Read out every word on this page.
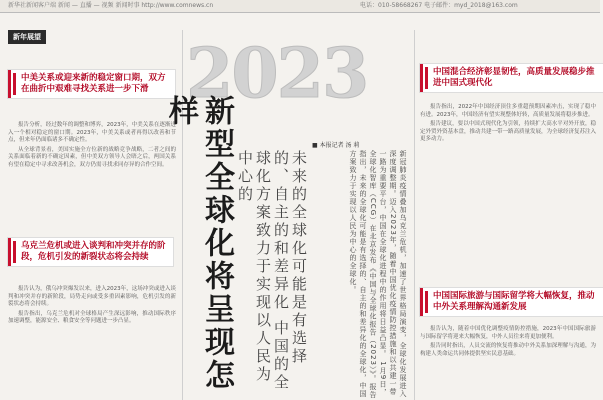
新华社新闻客户端 新闻 — 直播 — 视频 新闻时事 http://www.comnews.cn	电话：010-58668267 电子邮件：myd_2018@163.com
新年展望
中美关系或迎来新的稳定窗口期，双方在曲折中艰难寻找关系进一步下滑

报告分析，经过数年的调整和博弈，2023年，中美关系在逐渐进入一个相对稳定的窗口期。2023年，中美关系或者再得以改善和节点，但来年仍面临诸多不确定性。

从全球背景看，美国实施全方位新的战略竞争战略，二者之间的关系面临着新的不确定因素，但中美双方领导人会晤之后，两国关系有望在稳定中寻求改善机会，双方仍需寻找求同存异的合作空间。

乌克兰危机或进入谈判和冲突并存的阶段，危机引发的新裂状态将会持续

报告认为，俄乌冲突爆发以来，进入2023年，这场冲突或进入谈判和冲突并存的新阶段，局势走向或受多重因素影响，危机引发的新裂状态将会持续。

报告指出，乌克兰危机对全球格局产生深远影响，推动国际秩序加速调整，能源安全、粮食安全等问题进一步凸显。

2023
新型全球化将呈现怎样
未来的全球化可能是有选择的、自主的和差异化 中国的全球化方案致力于实现以人民为中心的
■ 本报记者 汤 莉
新冠肺炎疫情叠加乌克兰危机，加速了世界格局演变，全球化发展进入深度调整期。迈入2023年，随着中国优化疫情防控措施和以共建一带一路为重要平台，中国在全球化进程中的作用将日益凸显。 1月9日，全球化智库（CCG）在北京发布《中国与全球化报告（2023）》。报告指出，未来的全球化可能是有选择的、自主的和差异化的全球化，中国方案致力于实现以人民为中心的全球化。
中国混合经济彰显韧性，高质量发展稳步推进中国式现代化

报告指出，2022年中国经济顶住多重超预期因素冲击，实现了稳中有进。2023年，中国经济有望实现整体好转，高质量发展将稳步推进。

报告建议，要以中国式现代化为引领，持续扩大高水平对外开放，稳定外贸外资基本盘，推动共建一带一路高质量发展，为全球经济复苏注入更多动力。

中国国际旅游与国际留学将大幅恢复，推动中外关系理解沟通新发展

报告认为，随着中国优化调整疫情防控措施，2023年中国国际旅游与国际留学将迎来大幅恢复，中外人员往来将更加便利。

报告同时指出，人员交流的恢复将推动中外关系加深理解与沟通，为构建人类命运共同体提供坚实民意基础。
